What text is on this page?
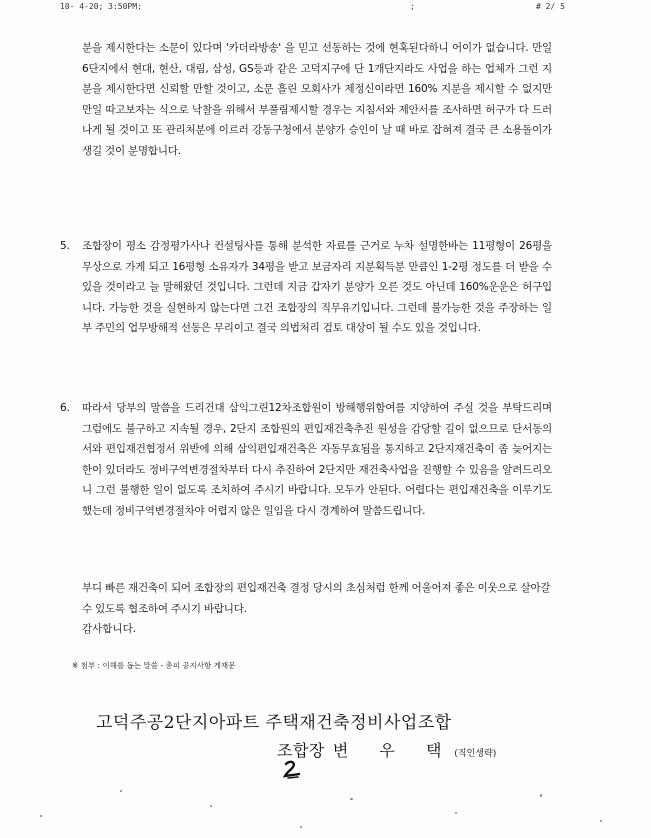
10- 4-20; 3:50PM;	;	# 2/ 5
분을 제시한다는 소문이 있다며 '카더라방송' 을 믿고 선동하는 것에 현혹된다하니 어이가 없습니다. 만일 6단지에서 현대, 현산, 대림, 삼성, GS등과 같은 고덕지구에 단 1개단지라도 사업을 하는 업체가 그런 지분을 제시한다면 신뢰할 만할 것이고, 소문 흘린 모회사가 제정신이라면 160% 지분을 제시할 수 없지만 만일 따고보자는 식으로 낙찰을 위해서 부풀림제시할 경우는 지침서와 제안서를 조사하면 허구가 다 드러나게 될 것이고 또 관리처분에 이르러 강동구청에서 분양가 승인이 날 때 바로 잡혀져 결국 큰 소용돌이가 생길 것이 분명합니다.
5.	조합장이 평소 감정평가사나 컨설팅사를 통해 분석한 자료를 근거로 누차 설명한바는 11평형이 26평을 무상으로 가게 되고 16평형 소유자가 34평을 받고 보금자리 지분획득분 만큼인 1-2평 정도를 더 받을 수 있을 것이라고 늘 말해왔던 것입니다. 그런데 지금 갑자기 분양가 오른 것도 아닌데 160%운운은 허구입니다. 가능한 것을 실현하지 않는다면 그건 조합장의 직무유기입니다. 그런데 불가능한 것을 주장하는 일부 주민의 업무방해적 선동은 무리이고 결국 의법처리 검토 대상이 될 수도 있을 것입니다.
6.	따라서 당부의 말씀을 드리건대 삼익그린12차조합원이 방해행위함여를 지양하여 주실 것을 부탁드리며 그럼에도 불구하고 지속될 경우, 2단지 조합원의 편입재건축추진 원성을 감당할 길이 없으므로 단서동의서와 편입재건협정서 위반에 의해 삼익편입재건축은 자동무효됨을 통지하고 2단지재건축이 좀 늦어지는 한이 있더라도 정비구역변경절차부터 다시 추진하여 2단지만 재건축사업을 진행할 수 있음을 알려드리오니 그런 불행한 일이 없도록 조치하여 주시기 바랍니다. 모두가 안된다. 어렵다는 편입재건축을 이루기도 했는데 정비구역변경절차야 어렵지 않은 일임을 다시 경계하여 말씀드립니다.
부디 빠른 재건축이 되어 조합장의 편입재건축 결정 당시의 초심처럼 한께 어울어져 좋은 이웃으로 살아갈 수 있도록 협조하여 주시기 바랍니다.
감사합니다.
※ 첨부 : 이해를 돕는 말씀 - 총피 공지사항 게재문
고덕주공2단지아파트 주택재건축정비사업조합
조합장 변 우 택(직인생략)
